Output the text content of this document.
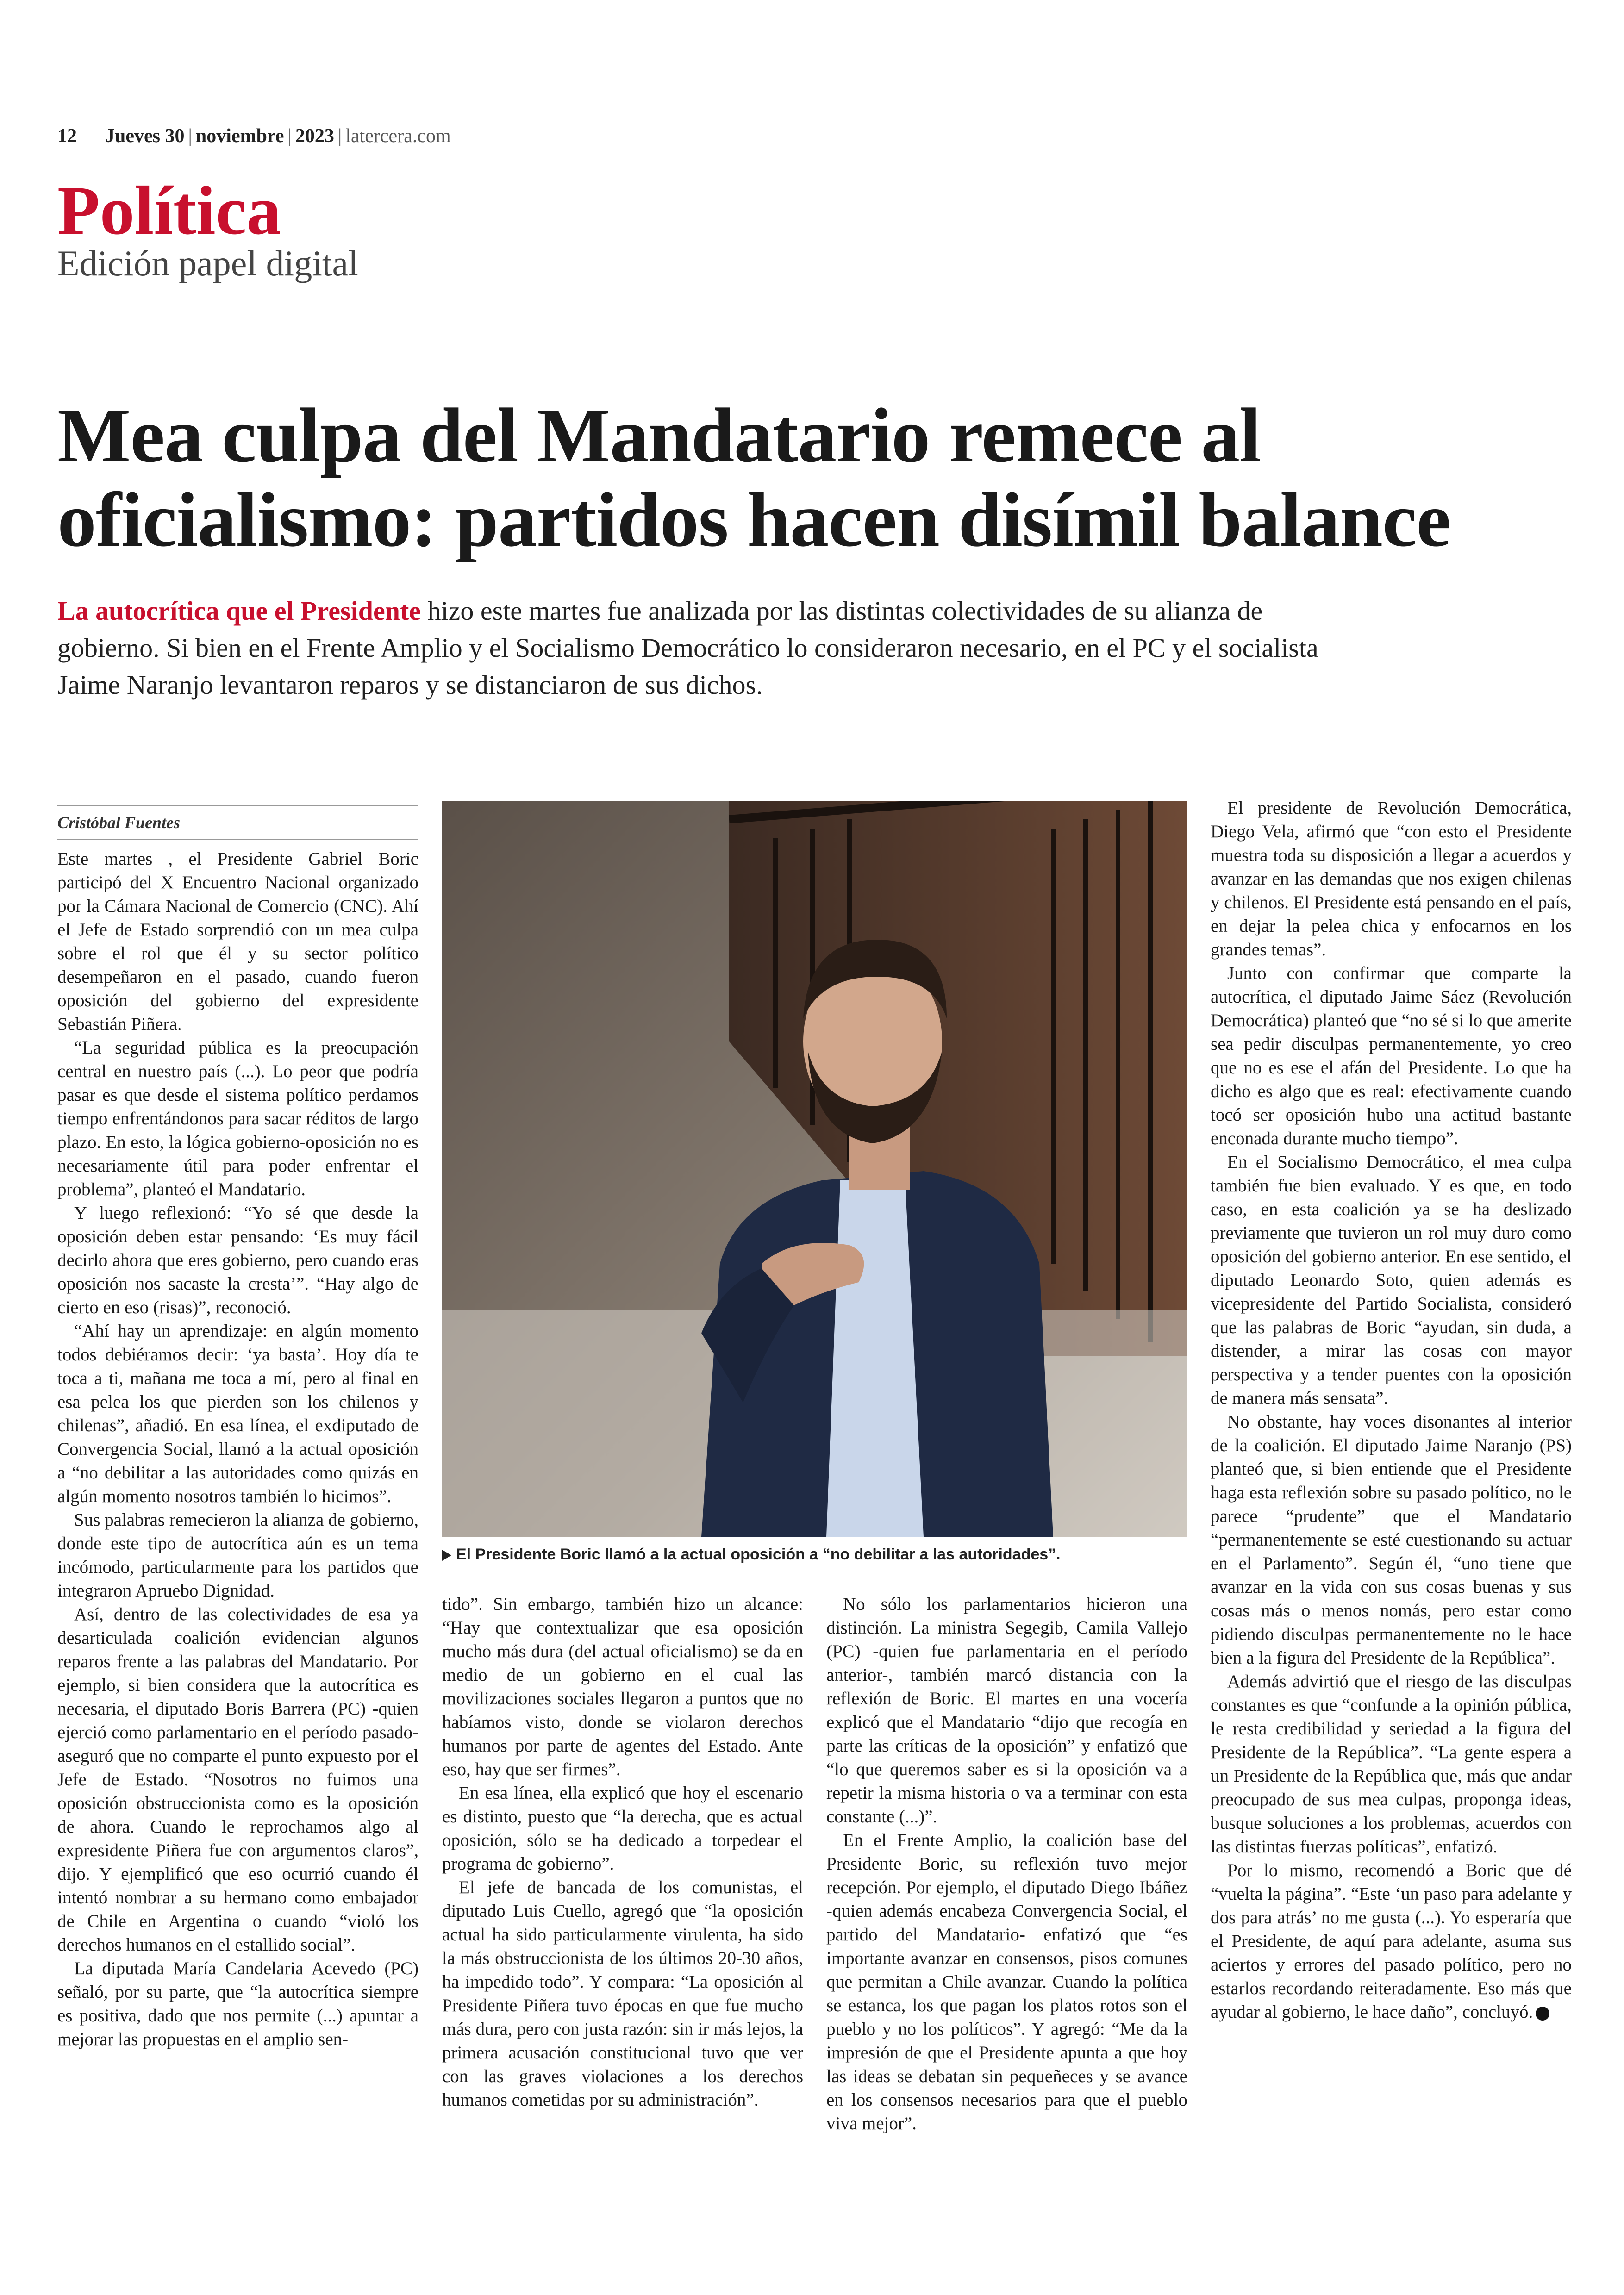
12 Jueves 30 | noviembre | 2023 | latercera.com
Política
Edición papel digital
Mea culpa del Mandatario remece al oficialismo: partidos hacen disímil balance
La autocrítica que el Presidente hizo este martes fue analizada por las distintas colectividades de su alianza de gobierno. Si bien en el Frente Amplio y el Socialismo Democrático lo consideraron necesario, en el PC y el socialista Jaime Naranjo levantaron reparos y se distanciaron de sus dichos.
Cristóbal Fuentes

Este martes , el Presidente Gabriel Boric participó del X Encuentro Nacional organizado por la Cámara Nacional de Comercio (CNC). Ahí el Jefe de Estado sorprendió con un mea culpa sobre el rol que él y su sector político desempeñaron en el pasado, cuando fueron oposición del gobierno del expresidente Sebastián Piñera.

“La seguridad pública es la preocupación central en nuestro país (...). Lo peor que podría pasar es que desde el sistema político perdamos tiempo enfrentándonos para sacar réditos de largo plazo. En esto, la lógica gobierno-oposición no es necesariamente útil para poder enfrentar el problema”, planteó el Mandatario.

Y luego reflexionó: “Yo sé que desde la oposición deben estar pensando: ‘Es muy fácil decirlo ahora que eres gobierno, pero cuando eras oposición nos sacaste la cresta’”. “Hay algo de cierto en eso (risas)”, reconoció.

“Ahí hay un aprendizaje: en algún momento todos debiéramos decir: ‘ya basta’. Hoy día te toca a ti, mañana me toca a mí, pero al final en esa pelea los que pierden son los chilenos y chilenas”, añadió. En esa línea, el exdiputado de Convergencia Social, llamó a la actual oposición a “no debilitar a las autoridades como quizás en algún momento nosotros también lo hicimos”.

Sus palabras remecieron la alianza de gobierno, donde este tipo de autocrítica aún es un tema incómodo, particularmente para los partidos que integraron Apruebo Dignidad.

Así, dentro de las colectividades de esa ya desarticulada coalición evidencian algunos reparos frente a las palabras del Mandatario. Por ejemplo, si bien considera que la autocrítica es necesaria, el diputado Boris Barrera (PC) -quien ejerció como parlamentario en el período pasado- aseguró que no comparte el punto expuesto por el Jefe de Estado. “Nosotros no fuimos una oposición obstruccionista como es la oposición de ahora. Cuando le reprochamos algo al expresidente Piñera fue con argumentos claros”, dijo. Y ejemplificó que eso ocurrió cuando él intentó nombrar a su hermano como embajador de Chile en Argentina o cuando “violó los derechos humanos en el estallido social”.

La diputada María Candelaria Acevedo (PC) señaló, por su parte, que “la autocrítica siempre es positiva, dado que nos permite (...) apuntar a mejorar las propuestas en el amplio sen-

El Presidente Boric llamó a la actual oposición a “no debilitar a las autoridades”.

tido”. Sin embargo, también hizo un alcance: “Hay que contextualizar que esa oposición mucho más dura (del actual oficialismo) se da en medio de un gobierno en el cual las movilizaciones sociales llegaron a puntos que no habíamos visto, donde se violaron derechos humanos por parte de agentes del Estado. Ante eso, hay que ser firmes”.

En esa línea, ella explicó que hoy el escenario es distinto, puesto que “la derecha, que es actual oposición, sólo se ha dedicado a torpedear el programa de gobierno”.

El jefe de bancada de los comunistas, el diputado Luis Cuello, agregó que “la oposición actual ha sido particularmente virulenta, ha sido la más obstruccionista de los últimos 20-30 años, ha impedido todo”. Y compara: “La oposición al Presidente Piñera tuvo épocas en que fue mucho más dura, pero con justa razón: sin ir más lejos, la primera acusación constitucional tuvo que ver con las graves violaciones a los derechos humanos cometidas por su administración”.

No sólo los parlamentarios hicieron una distinción. La ministra Segegib, Camila Vallejo (PC) -quien fue parlamentaria en el período anterior-, también marcó distancia con la reflexión de Boric. El martes en una vocería explicó que el Mandatario “dijo que recogía en parte las críticas de la oposición” y enfatizó que “lo que queremos saber es si la oposición va a repetir la misma historia o va a terminar con esta constante (...)”.

En el Frente Amplio, la coalición base del Presidente Boric, su reflexión tuvo mejor recepción. Por ejemplo, el diputado Diego Ibáñez -quien además encabeza Convergencia Social, el partido del Mandatario- enfatizó que “es importante avanzar en consensos, pisos comunes que permitan a Chile avanzar. Cuando la política se estanca, los que pagan los platos rotos son el pueblo y no los políticos”. Y agregó: “Me da la impresión de que el Presidente apunta a que hoy las ideas se debatan sin pequeñeces y se avance en los consensos necesarios para que el pueblo viva mejor”.

El presidente de Revolución Democrática, Diego Vela, afirmó que “con esto el Presidente muestra toda su disposición a llegar a acuerdos y avanzar en las demandas que nos exigen chilenas y chilenos. El Presidente está pensando en el país, en dejar la pelea chica y enfocarnos en los grandes temas”.

Junto con confirmar que comparte la autocrítica, el diputado Jaime Sáez (Revolución Democrática) planteó que “no sé si lo que amerite sea pedir disculpas permanentemente, yo creo que no es ese el afán del Presidente. Lo que ha dicho es algo que es real: efectivamente cuando tocó ser oposición hubo una actitud bastante enconada durante mucho tiempo”.

En el Socialismo Democrático, el mea culpa también fue bien evaluado. Y es que, en todo caso, en esta coalición ya se ha deslizado previamente que tuvieron un rol muy duro como oposición del gobierno anterior. En ese sentido, el diputado Leonardo Soto, quien además es vicepresidente del Partido Socialista, consideró que las palabras de Boric “ayudan, sin duda, a distender, a mirar las cosas con mayor perspectiva y a tender puentes con la oposición de manera más sensata”.

No obstante, hay voces disonantes al interior de la coalición. El diputado Jaime Naranjo (PS) planteó que, si bien entiende que el Presidente haga esta reflexión sobre su pasado político, no le parece “prudente” que el Mandatario “permanentemente se esté cuestionando su actuar en el Parlamento”. Según él, “uno tiene que avanzar en la vida con sus cosas buenas y sus cosas más o menos nomás, pero estar como pidiendo disculpas permanentemente no le hace bien a la figura del Presidente de la República”.

Además advirtió que el riesgo de las disculpas constantes es que “confunde a la opinión pública, le resta credibilidad y seriedad a la figura del Presidente de la República”. “La gente espera a un Presidente de la República que, más que andar preocupado de sus mea culpas, proponga ideas, busque soluciones a los problemas, acuerdos con las distintas fuerzas políticas”, enfatizó.

Por lo mismo, recomendó a Boric que dé “vuelta la página”. “Este ‘un paso para adelante y dos para atrás’ no me gusta (...). Yo esperaría que el Presidente, de aquí para adelante, asuma sus aciertos y errores del pasado político, pero no estarlos recordando reiteradamente. Eso más que ayudar al gobierno, le hace daño”, concluyó.
